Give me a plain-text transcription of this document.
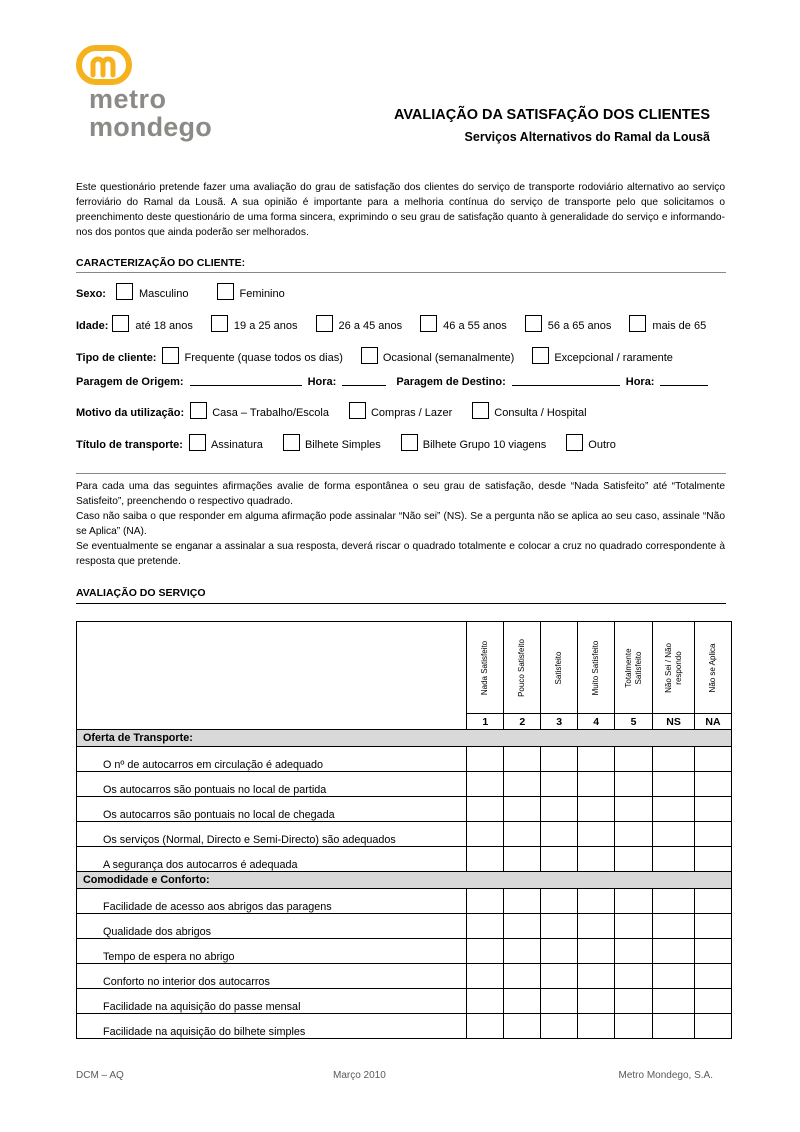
metro
mondego	AVALIAÇÃO DA SATISFAÇÃO DOS CLIENTES
Serviços Alternativos do Ramal da Lousã
Este questionário pretende fazer uma avaliação do grau de satisfação dos clientes do serviço de transporte rodoviário alternativo ao serviço ferroviário do Ramal da Lousã. A sua opinião é importante para a melhoria contínua do serviço de transporte pelo que solicitamos o preenchimento deste questionário de uma forma sincera, exprimindo o seu grau de satisfação quanto à generalidade do serviço e informando-nos dos pontos que ainda poderão ser melhorados.
CARACTERIZAÇÃO DO CLIENTE:
Sexo:	Masculino	Feminino
Idade: até 18 anos	19 a 25 anos	26 a 45 anos	46 a 55 anos	56 a 65 anos	mais de 65
Tipo de cliente:	Frequente (quase todos os dias)	Ocasional (semanalmente)	Excepcional / raramente
Paragem de Origem:	Hora:	Paragem de Destino:	Hora:
Motivo da utilização:	Casa – Trabalho/Escola	Compras / Lazer	Consulta / Hospital
Título de transporte:	Assinatura	Bilhete Simples	Bilhete Grupo 10 viagens	Outro
Para cada uma das seguintes afirmações avalie de forma espontânea o seu grau de satisfação, desde “Nada Satisfeito” até “Totalmente Satisfeito”, preenchendo o respectivo quadrado.
Caso não saiba o que responder em alguma afirmação pode assinalar “Não sei” (NS). Se a pergunta não se aplica ao seu caso, assinale “Não se Aplica” (NA).
Se eventualmente se enganar a assinalar a sua resposta, deverá riscar o quadrado totalmente e colocar a cruz no quadrado correspondente à resposta que pretende.
AVALIAÇÃO DO SERVIÇO

	Nada Satisfeito	Pouco Satisfeito	Satisfeito	Muito Satisfeito	Totalmente Satisfeito	Não Sei / Não respondo	Não se Aplica

	1	2	3	4	5	NS	NA
Oferta de Transporte:							
O nº de autocarros em circulação é adequado							
Os autocarros são pontuais no local de partida							
Os autocarros são pontuais no local de chegada							
Os serviços (Normal, Directo e Semi-Directo) são adequados							
A segurança dos autocarros é adequada							
Comodidade e Conforto:							
Facilidade de acesso aos abrigos das paragens							
Qualidade dos abrigos							
Tempo de espera no abrigo							
Conforto no interior dos autocarros							
Facilidade na aquisição do passe mensal							
Facilidade na aquisição do bilhete simples							
DCM – AQ	Março 2010	Metro Mondego, S.A.
